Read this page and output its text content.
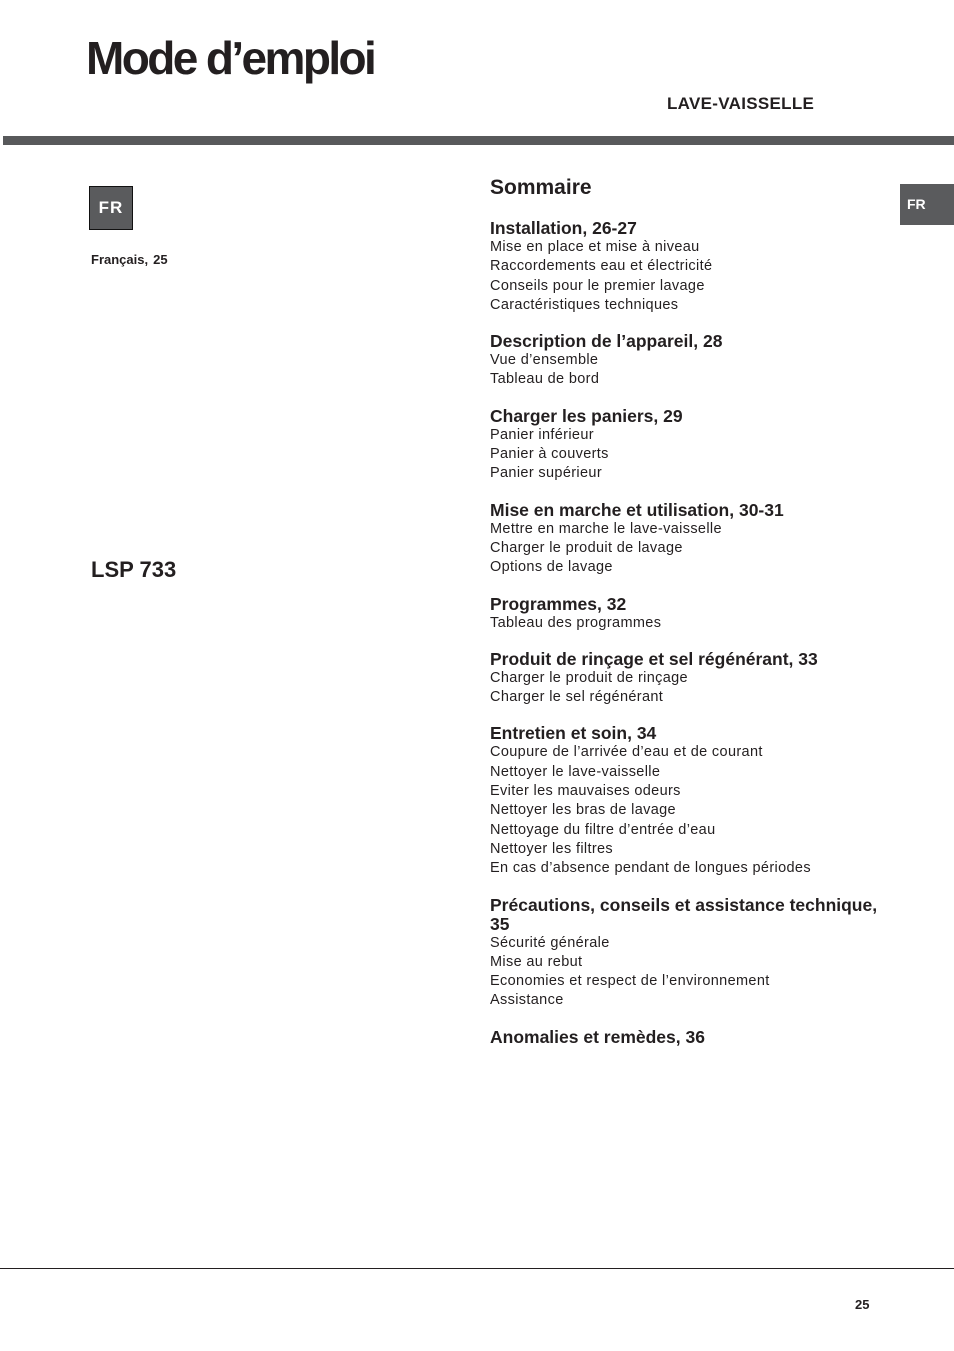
Mode d’emploi
LAVE-VAISSELLE
FR
Français, 25
LSP 733
FR
Sommaire
Installation, 26-27
Mise en place et mise à niveau
Raccordements eau et électricité
Conseils pour le premier lavage
Caractéristiques techniques
Description de l’appareil, 28
Vue d’ensemble
Tableau de bord
Charger les paniers, 29
Panier inférieur
Panier à couverts
Panier supérieur
Mise en marche et utilisation, 30-31
Mettre en marche le lave-vaisselle
Charger le produit de lavage
Options de lavage
Programmes, 32
Tableau des programmes
Produit de rinçage et sel régénérant, 33
Charger le produit de rinçage
Charger le sel régénérant
Entretien et soin, 34
Coupure de l’arrivée d’eau et de courant
Nettoyer le lave-vaisselle
Eviter les mauvaises odeurs
Nettoyer les bras de lavage
Nettoyage du filtre d’entrée d’eau
Nettoyer les filtres
En cas d’absence pendant de longues périodes
Précautions, conseils et assistance technique, 35
Sécurité générale
Mise au rebut
Economies et respect de l’environnement
Assistance
Anomalies et remèdes, 36
25
